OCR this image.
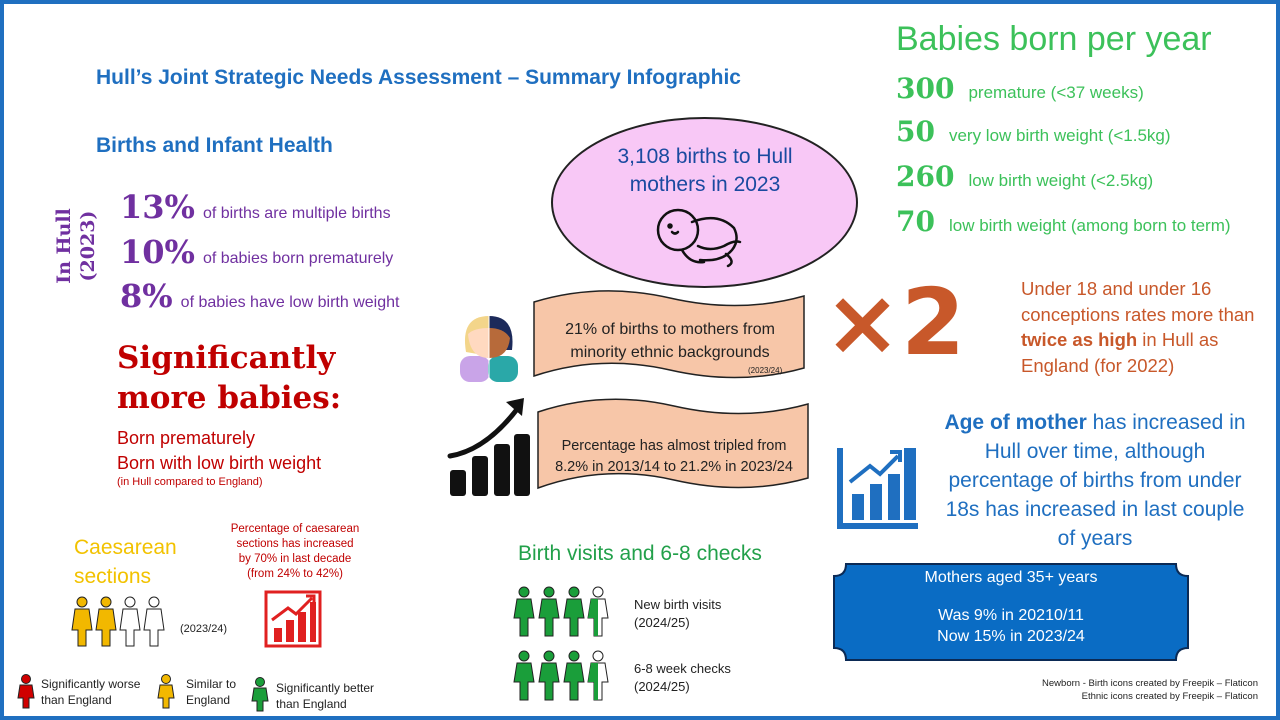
Hull’s Joint Strategic Needs Assessment – Summary Infographic
Births and Infant Health
In Hull (2023)
13% of births are multiple births
10% of babies born prematurely
8% of babies have low birth weight
Significantly
more babies:
Born prematurely
Born with low birth weight
(in Hull compared to England)
Caesarean
sections
Percentage of caesarean
sections has increased
by 70% in last decade
(from 24% to 42%)
(2023/24)
Significantly worse
than England
Similar to
England
Significantly better
than England
3,108 births to Hull
mothers in 2023
21% of births to mothers from
minority ethnic backgrounds
(2023/24)
Percentage has almost tripled from
8.2% in 2013/14 to 21.2% in 2023/24
Babies born per year
300 premature (<37 weeks)
50 very low birth weight (<1.5kg)
260 low birth weight (<2.5kg)
70 low birth weight (among born to term)
×2	Under 18 and under 16 conceptions rates more than twice as high in Hull as England (for 2022)
Age of mother has increased in Hull over time, although percentage of births from under 18s has increased in last couple of years
Mothers aged 35+ years
Was 9% in 20210/11
Now 15% in 2023/24
Birth visits and 6-8 checks
New birth visits
(2024/25)
6-8 week checks
(2024/25)	Newborn - Birth icons created by Freepik – Flaticon
Ethnic icons created by Freepik – Flaticon
